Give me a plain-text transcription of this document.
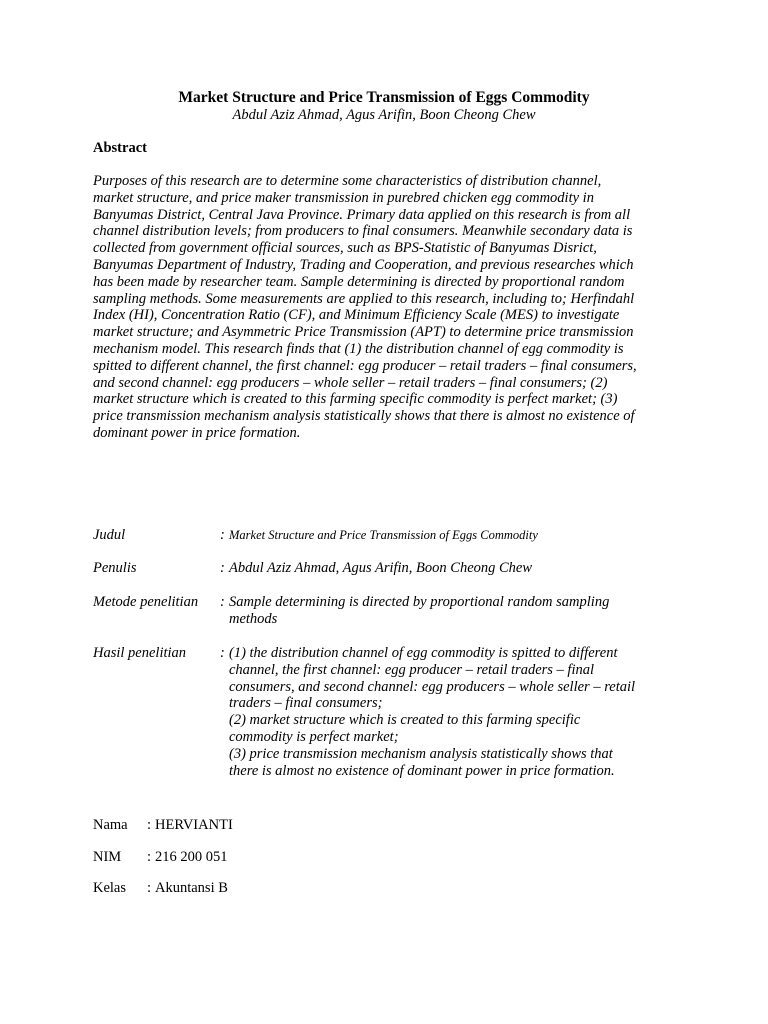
Market Structure and Price Transmission of Eggs Commodity
Abdul Aziz Ahmad, Agus Arifin, Boon Cheong Chew
Abstract
Purposes of this research are to determine some characteristics of distribution channel,
market structure, and price maker transmission in purebred chicken egg commodity in
Banyumas District, Central Java Province. Primary data applied on this research is from all
channel distribution levels; from producers to final consumers. Meanwhile secondary data is
collected from government official sources, such as BPS-Statistic of Banyumas Disrict,
Banyumas Department of Industry, Trading and Cooperation, and previous researches which
has been made by researcher team. Sample determining is directed by proportional random
sampling methods. Some measurements are applied to this research, including to; Herfindahl
Index (HI), Concentration Ratio (CF), and Minimum Efficiency Scale (MES) to investigate
market structure; and Asymmetric Price Transmission (APT) to determine price transmission
mechanism model. This research finds that (1) the distribution channel of egg commodity is
spitted to different channel, the first channel: egg producer – retail traders – final consumers,
and second channel: egg producers – whole seller – retail traders – final consumers; (2)
market structure which is created to this farming specific commodity is perfect market; (3)
price transmission mechanism analysis statistically shows that there is almost no existence of
dominant power in price formation.
Judul	: Market Structure and Price Transmission of Eggs Commodity
Penulis	: Abdul Aziz Ahmad, Agus Arifin, Boon Cheong Chew
Metode penelitian : Sample determining is directed by proportional random sampling
methods
Hasil penelitian : (1) the distribution channel of egg commodity is spitted to different
channel, the first channel: egg producer – retail traders – final
consumers, and second channel: egg producers – whole seller – retail
traders – final consumers;
(2) market structure which is created to this farming specific
commodity is perfect market;
(3) price transmission mechanism analysis statistically shows that
there is almost no existence of dominant power in price formation.
Nama : HERVIANTI
NIM : 216 200 051
Kelas : Akuntansi B
